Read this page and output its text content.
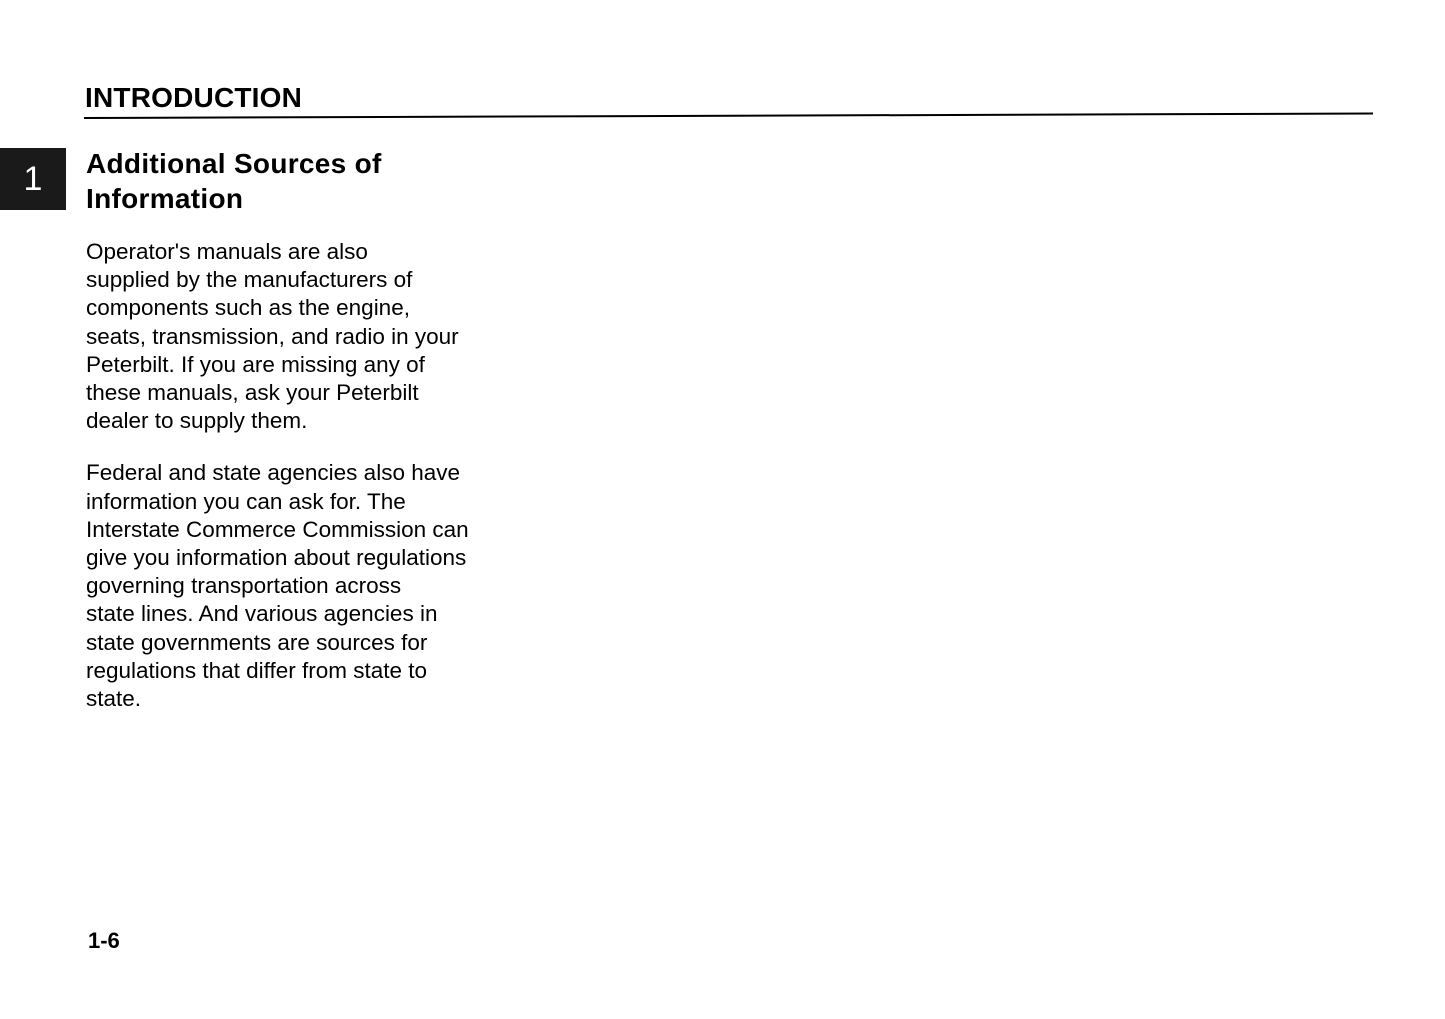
INTRODUCTION
1 Additional Sources of
Information

Operator's manuals are also
supplied by the manufacturers of
components such as the engine,
seats, transmission, and radio in your
Peterbilt. If you are missing any of
these manuals, ask your Peterbilt
dealer to supply them.

Federal and state agencies also have
information you can ask for. The
Interstate Commerce Commission can
give you information about regulations
governing transportation across
state lines. And various agencies in
state governments are sources for
regulations that differ from state to
state.

1-6
